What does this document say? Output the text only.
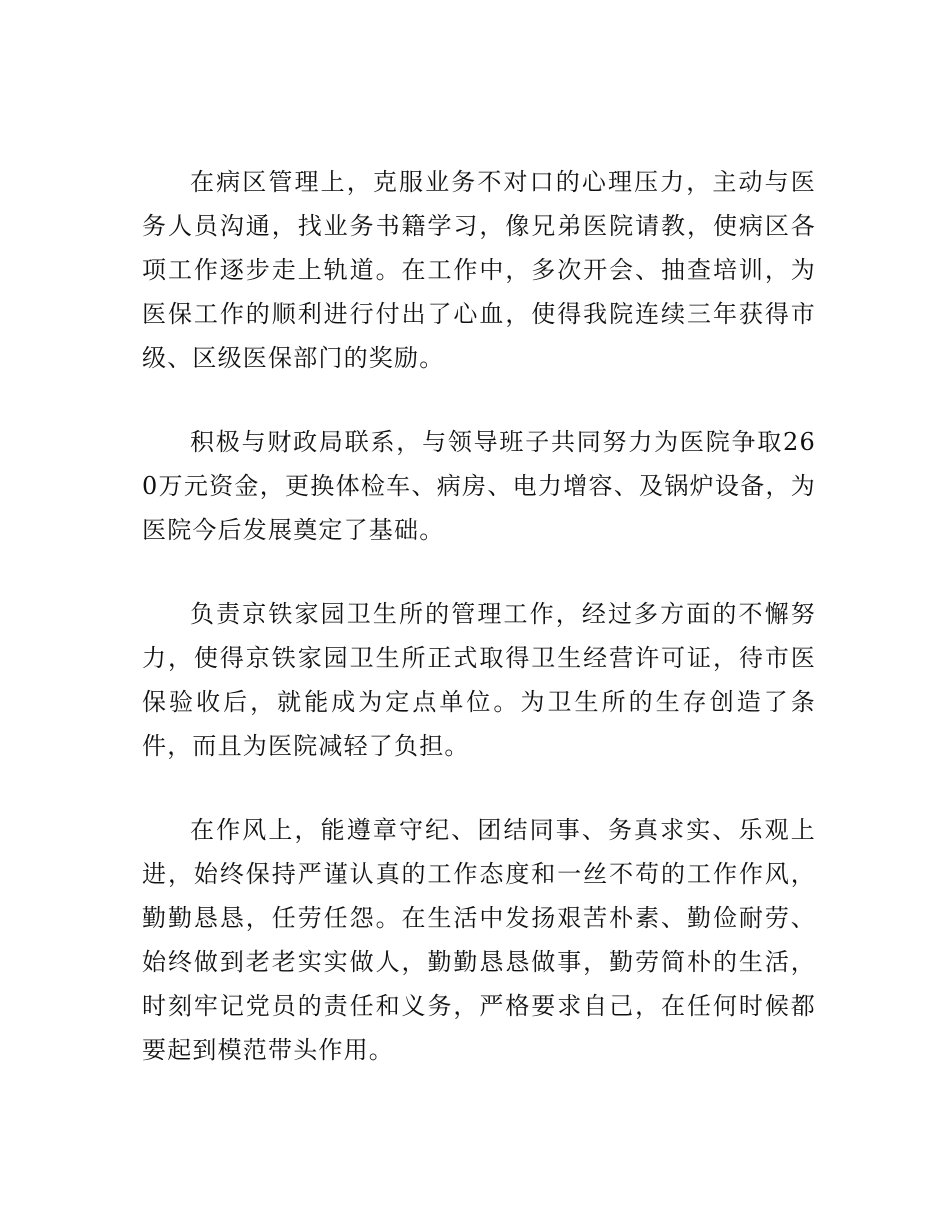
在病区管理上，克服业务不对口的心理压力，主动与医务人员沟通，找业务书籍学习，像兄弟医院请教，使病区各项工作逐步走上轨道。在工作中，多次开会、抽查培训，为医保工作的顺利进行付出了心血，使得我院连续三年获得市级、区级医保部门的奖励。

积极与财政局联系，与领导班子共同努力为医院争取260万元资金，更换体检车、病房、电力增容、及锅炉设备，为医院今后发展奠定了基础。

负责京铁家园卫生所的管理工作，经过多方面的不懈努力，使得京铁家园卫生所正式取得卫生经营许可证，待市医保验收后，就能成为定点单位。为卫生所的生存创造了条件，而且为医院减轻了负担。

在作风上，能遵章守纪、团结同事、务真求实、乐观上进，始终保持严谨认真的工作态度和一丝不苟的工作作风，勤勤恳恳，任劳任怨。在生活中发扬艰苦朴素、勤俭耐劳、始终做到老老实实做人，勤勤恳恳做事，勤劳简朴的生活，时刻牢记党员的责任和义务，严格要求自己，在任何时候都要起到模范带头作用。
